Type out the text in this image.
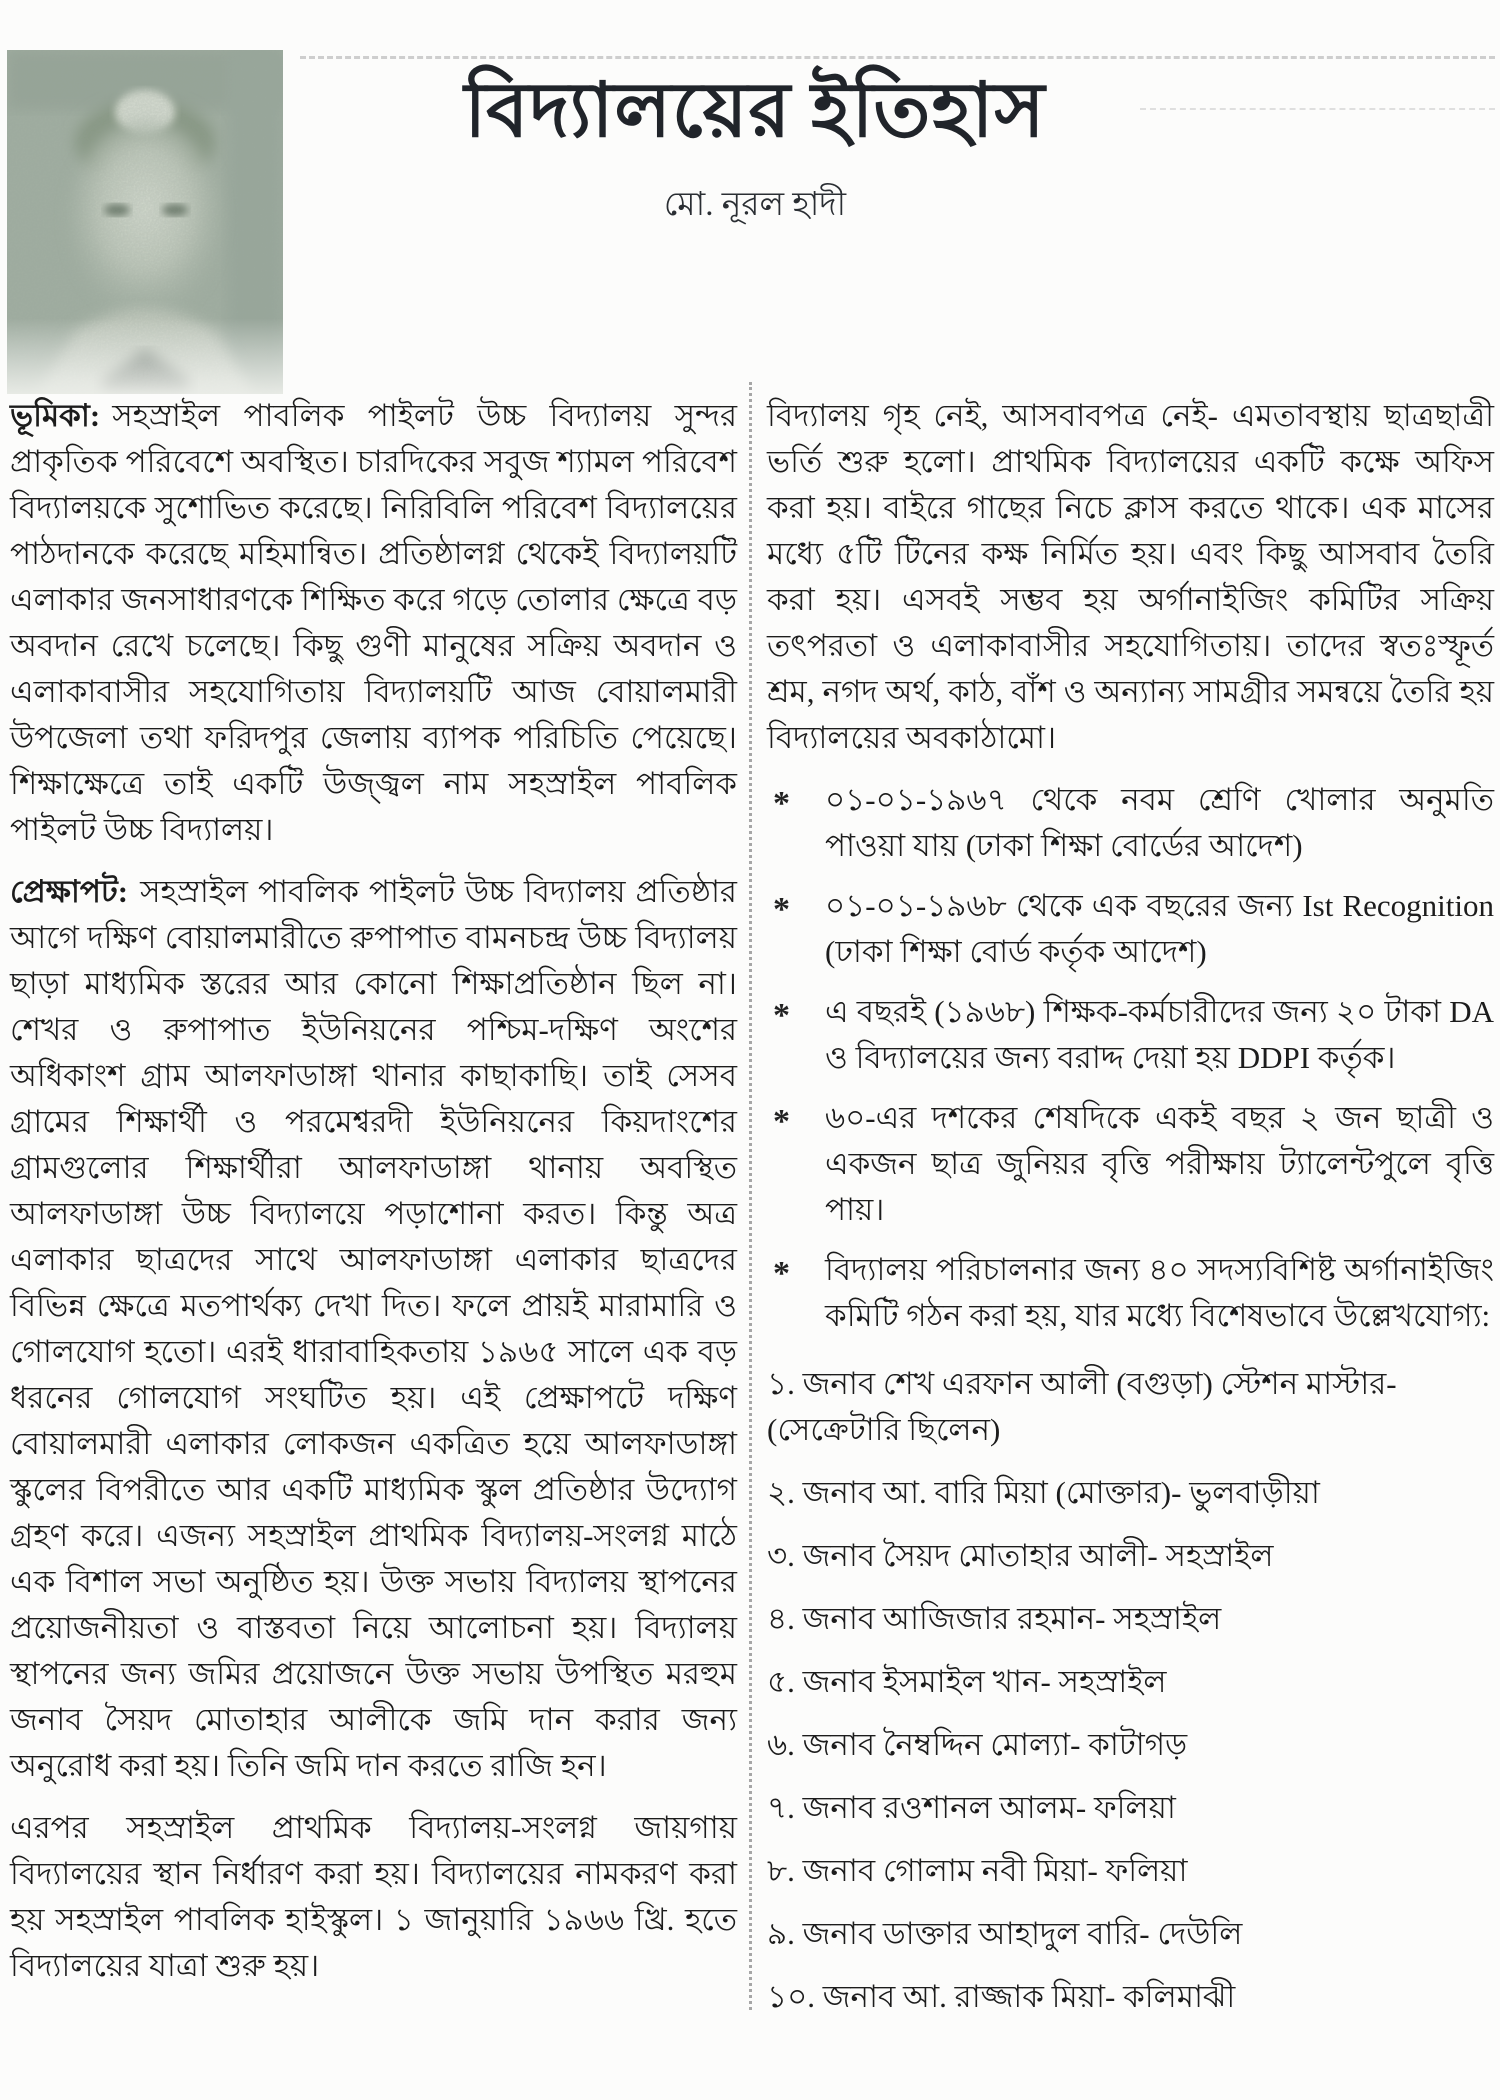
বিদ্যালয়ের ইতিহাস
মো. নূরল হাদী

ভূমিকা: সহস্রাইল পাবলিক পাইলট উচ্চ বিদ্যালয় সুন্দর প্রাকৃতিক পরিবেশে অবস্থিত। চারদিকের সবুজ শ্যামল পরিবেশ বিদ্যালয়কে সুশোভিত করেছে। নিরিবিলি পরিবেশ বিদ্যালয়ের পাঠদানকে করেছে মহিমান্বিত। প্রতিষ্ঠালগ্ন থেকেই বিদ্যালয়টি এলাকার জনসাধারণকে শিক্ষিত করে গড়ে তোলার ক্ষেত্রে বড় অবদান রেখে চলেছে। কিছু গুণী মানুষের সক্রিয় অবদান ও এলাকাবাসীর সহযোগিতায় বিদ্যালয়টি আজ বোয়ালমারী উপজেলা তথা ফরিদপুর জেলায় ব্যাপক পরিচিতি পেয়েছে। শিক্ষাক্ষেত্রে তাই একটি উজ্জ্বল নাম সহস্রাইল পাবলিক পাইলট উচ্চ বিদ্যালয়।

প্রেক্ষাপট: সহস্রাইল পাবলিক পাইলট উচ্চ বিদ্যালয় প্রতিষ্ঠার আগে দক্ষিণ বোয়ালমারীতে রুপাপাত বামনচন্দ্র উচ্চ বিদ্যালয় ছাড়া মাধ্যমিক স্তরের আর কোনো শিক্ষাপ্রতিষ্ঠান ছিল না। শেখর ও রুপাপাত ইউনিয়নের পশ্চিম-দক্ষিণ অংশের অধিকাংশ গ্রাম আলফাডাঙ্গা থানার কাছাকাছি। তাই সেসব গ্রামের শিক্ষার্থী ও পরমেশ্বরদী ইউনিয়নের কিয়দাংশের গ্রামগুলোর শিক্ষার্থীরা আলফাডাঙ্গা থানায় অবস্থিত আলফাডাঙ্গা উচ্চ বিদ্যালয়ে পড়াশোনা করত। কিন্তু অত্র এলাকার ছাত্রদের সাথে আলফাডাঙ্গা এলাকার ছাত্রদের বিভিন্ন ক্ষেত্রে মতপার্থক্য দেখা দিত। ফলে প্রায়ই মারামারি ও গোলযোগ হতো। এরই ধারাবাহিকতায় ১৯৬৫ সালে এক বড় ধরনের গোলযোগ সংঘটিত হয়। এই প্রেক্ষাপটে দক্ষিণ বোয়ালমারী এলাকার লোকজন একত্রিত হয়ে আলফাডাঙ্গা স্কুলের বিপরীতে আর একটি মাধ্যমিক স্কুল প্রতিষ্ঠার উদ্যোগ গ্রহণ করে। এজন্য সহস্রাইল প্রাথমিক বিদ্যালয়-সংলগ্ন মাঠে এক বিশাল সভা অনুষ্ঠিত হয়। উক্ত সভায় বিদ্যালয় স্থাপনের প্রয়োজনীয়তা ও বাস্তবতা নিয়ে আলোচনা হয়। বিদ্যালয় স্থাপনের জন্য জমির প্রয়োজনে উক্ত সভায় উপস্থিত মরহুম জনাব সৈয়দ মোতাহার আলীকে জমি দান করার জন্য অনুরোধ করা হয়। তিনি জমি দান করতে রাজি হন।

এরপর সহস্রাইল প্রাথমিক বিদ্যালয়-সংলগ্ন জায়গায় বিদ্যালয়ের স্থান নির্ধারণ করা হয়। বিদ্যালয়ের নামকরণ করা হয় সহস্রাইল পাবলিক হাইস্কুল। ১ জানুয়ারি ১৯৬৬ খ্রি. হতে বিদ্যালয়ের যাত্রা শুরু হয়।

বিদ্যালয় গৃহ নেই, আসবাবপত্র নেই- এমতাবস্থায় ছাত্রছাত্রী ভর্তি শুরু হলো। প্রাথমিক বিদ্যালয়ের একটি কক্ষে অফিস করা হয়। বাইরে গাছের নিচে ক্লাস করতে থাকে। এক মাসের মধ্যে ৫টি টিনের কক্ষ নির্মিত হয়। এবং কিছু আসবাব তৈরি করা হয়। এসবই সম্ভব হয় অর্গানাইজিং কমিটির সক্রিয় তৎপরতা ও এলাকাবাসীর সহযোগিতায়। তাদের স্বতঃস্ফূর্ত শ্রম, নগদ অর্থ, কাঠ, বাঁশ ও অন্যান্য সামগ্রীর সমন্বয়ে তৈরি হয় বিদ্যালয়ের অবকাঠামো।

* ০১-০১-১৯৬৭ থেকে নবম শ্রেণি খোলার অনুমতি পাওয়া যায় (ঢাকা শিক্ষা বোর্ডের আদেশ)
* ০১-০১-১৯৬৮ থেকে এক বছরের জন্য Ist Recognition (ঢাকা শিক্ষা বোর্ড কর্তৃক আদেশ)
* এ বছরই (১৯৬৮) শিক্ষক-কর্মচারীদের জন্য ২০ টাকা DA ও বিদ্যালয়ের জন্য বরাদ্দ দেয়া হয় DDPI কর্তৃক।
* ৬০-এর দশকের শেষদিকে একই বছর ২ জন ছাত্রী ও একজন ছাত্র জুনিয়র বৃত্তি পরীক্ষায় ট্যালেন্টপুলে বৃত্তি পায়।
* বিদ্যালয় পরিচালনার জন্য ৪০ সদস্যবিশিষ্ট অর্গানাইজিং কমিটি গঠন করা হয়, যার মধ্যে বিশেষভাবে উল্লেখযোগ্য:

১. জনাব শেখ এরফান আলী (বগুড়া) স্টেশন মাস্টার- (সেক্রেটারি ছিলেন)

২. জনাব আ. বারি মিয়া (মোক্তার)- ভুলবাড়ীয়া

৩. জনাব সৈয়দ মোতাহার আলী- সহস্রাইল

৪. জনাব আজিজার রহমান- সহস্রাইল

৫. জনাব ইসমাইল খান- সহস্রাইল

৬. জনাব নৈম্বদ্দিন মোল্যা- কাটাগড়

৭. জনাব রওশানল আলম- ফলিয়া

৮. জনাব গোলাম নবী মিয়া- ফলিয়া

৯. জনাব ডাক্তার আহাদুল বারি- দেউলি

১০. জনাব আ. রাজ্জাক মিয়া- কলিমাঝী
